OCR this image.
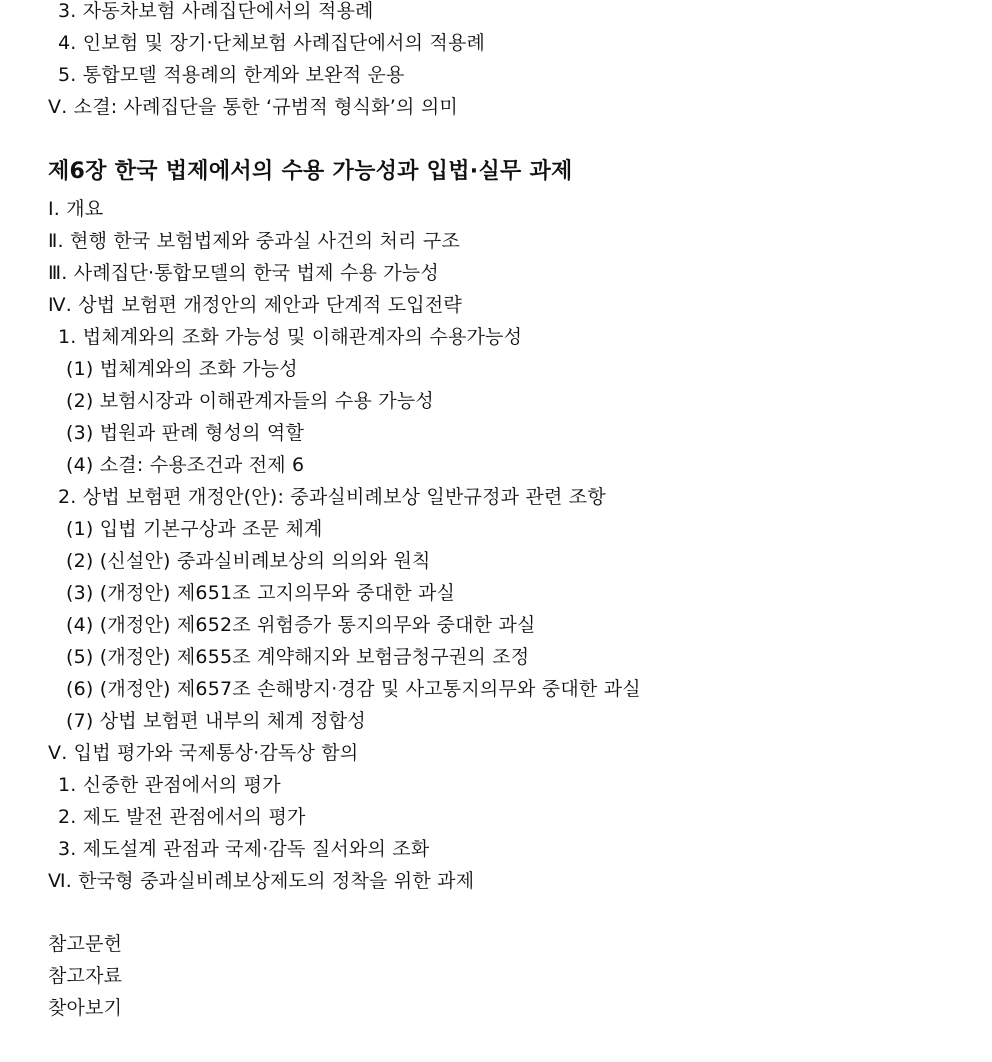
3. 자동차보험 사례집단에서의 적용례
4. 인보험 및 장기·단체보험 사례집단에서의 적용례
5. 통합모델 적용례의 한계와 보완적 운용
Ⅴ. 소결: 사례집단을 통한 ‘규범적 형식화’의 의미
제6장 한국 법제에서의 수용 가능성과 입법·실무 과제
Ⅰ. 개요
Ⅱ. 현행 한국 보험법제와 중과실 사건의 처리 구조
Ⅲ. 사례집단·통합모델의 한국 법제 수용 가능성
Ⅳ. 상법 보험편 개정안의 제안과 단계적 도입전략
1. 법체계와의 조화 가능성 및 이해관계자의 수용가능성
(1) 법체계와의 조화 가능성
(2) 보험시장과 이해관계자들의 수용 가능성
(3) 법원과 판례 형성의 역할
(4) 소결: 수용조건과 전제 6
2. 상법 보험편 개정안(안): 중과실비례보상 일반규정과 관련 조항
(1) 입법 기본구상과 조문 체계
(2) (신설안) 중과실비례보상의 의의와 원칙
(3) (개정안) 제651조 고지의무와 중대한 과실
(4) (개정안) 제652조 위험증가 통지의무와 중대한 과실
(5) (개정안) 제655조 계약해지와 보험금청구권의 조정
(6) (개정안) 제657조 손해방지·경감 및 사고통지의무와 중대한 과실
(7) 상법 보험편 내부의 체계 정합성
Ⅴ. 입법 평가와 국제통상·감독상 함의
1. 신중한 관점에서의 평가
2. 제도 발전 관점에서의 평가
3. 제도설계 관점과 국제·감독 질서와의 조화
Ⅵ. 한국형 중과실비례보상제도의 정착을 위한 과제
참고문헌
참고자료
찾아보기
